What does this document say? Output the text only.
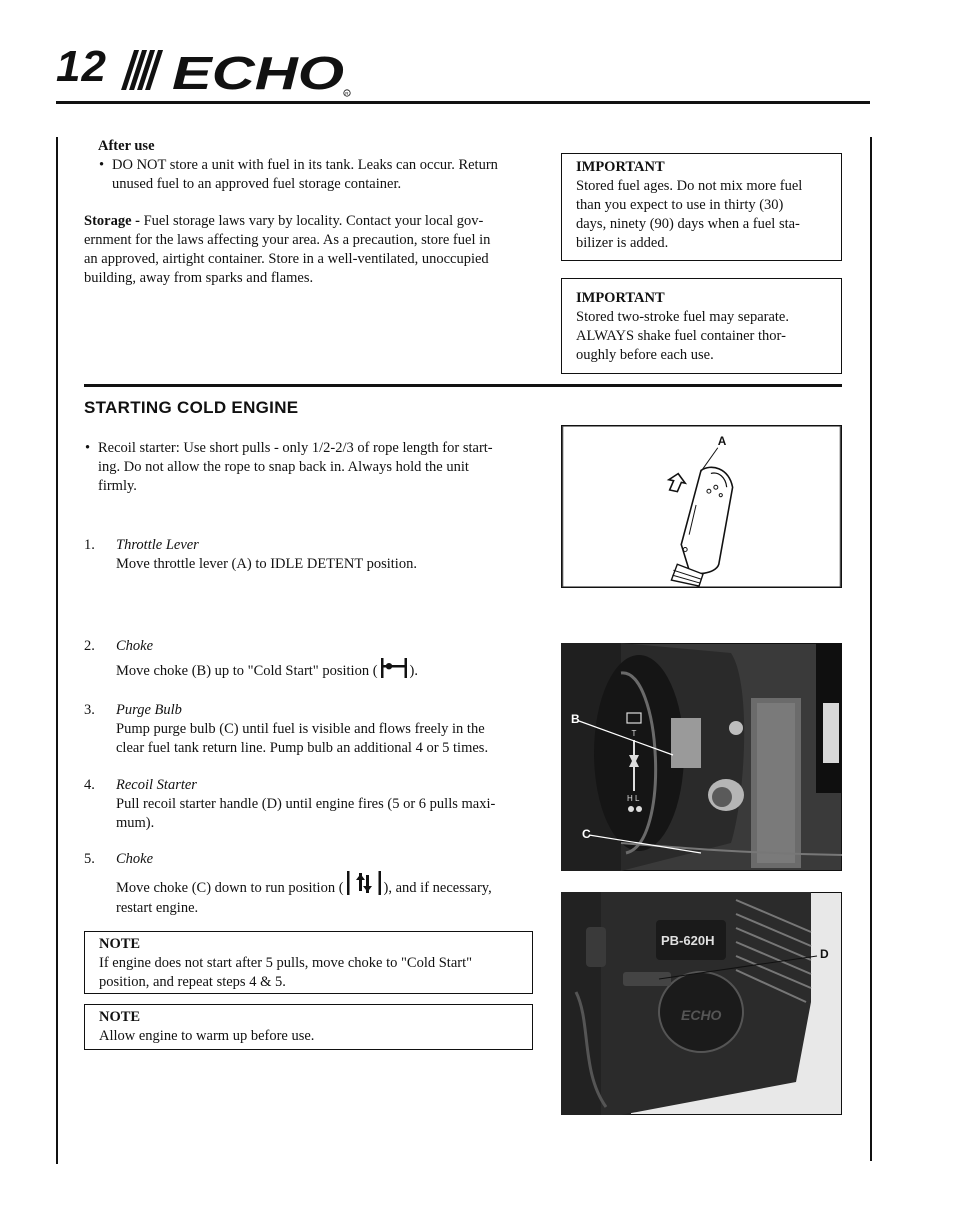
12 ECHO R
After use
• DO NOT store a unit with fuel in its tank. Leaks can occur. Return unused fuel to an approved fuel storage container.
Storage - Fuel storage laws vary by locality. Contact your local gov-
ernment for the laws affecting your area. As a precaution, store fuel in
an approved, airtight container. Store in a well-ventilated, unoccupied
building, away from sparks and flames.
IMPORTANT
Stored fuel ages. Do not mix more fuel
than you expect to use in thirty (30)
days, ninety (90) days when a fuel sta-
bilizer is added.
IMPORTANT
Stored two-stroke fuel may separate.
ALWAYS shake fuel container thor-
oughly before each use.
STARTING COLD ENGINE
• Recoil starter: Use short pulls - only 1/2-2/3 of rope length for start-
ing. Do not allow the rope to snap back in. Always hold the unit
firmly.
1. Throttle Lever
Move throttle lever (A) to IDLE DETENT position.
2. Choke
Move choke (B) up to "Cold Start" position ( ).
3. Purge Bulb
Pump purge bulb (C) until fuel is visible and flows freely in the
clear fuel tank return line. Pump bulb an additional 4 or 5 times.
4. Recoil Starter
Pull recoil starter handle (D) until engine fires (5 or 6 pulls maxi-
mum).
5. Choke
Move choke (C) down to run position (	), and if necessary,
restart engine.
NOTE
If engine does not start after 5 pulls, move choke to "Cold Start"
position, and repeat steps 4 & 5.
NOTE
Allow engine to warm up before use.
A
T
H L
B
C
PB-620H
ECHO
D
